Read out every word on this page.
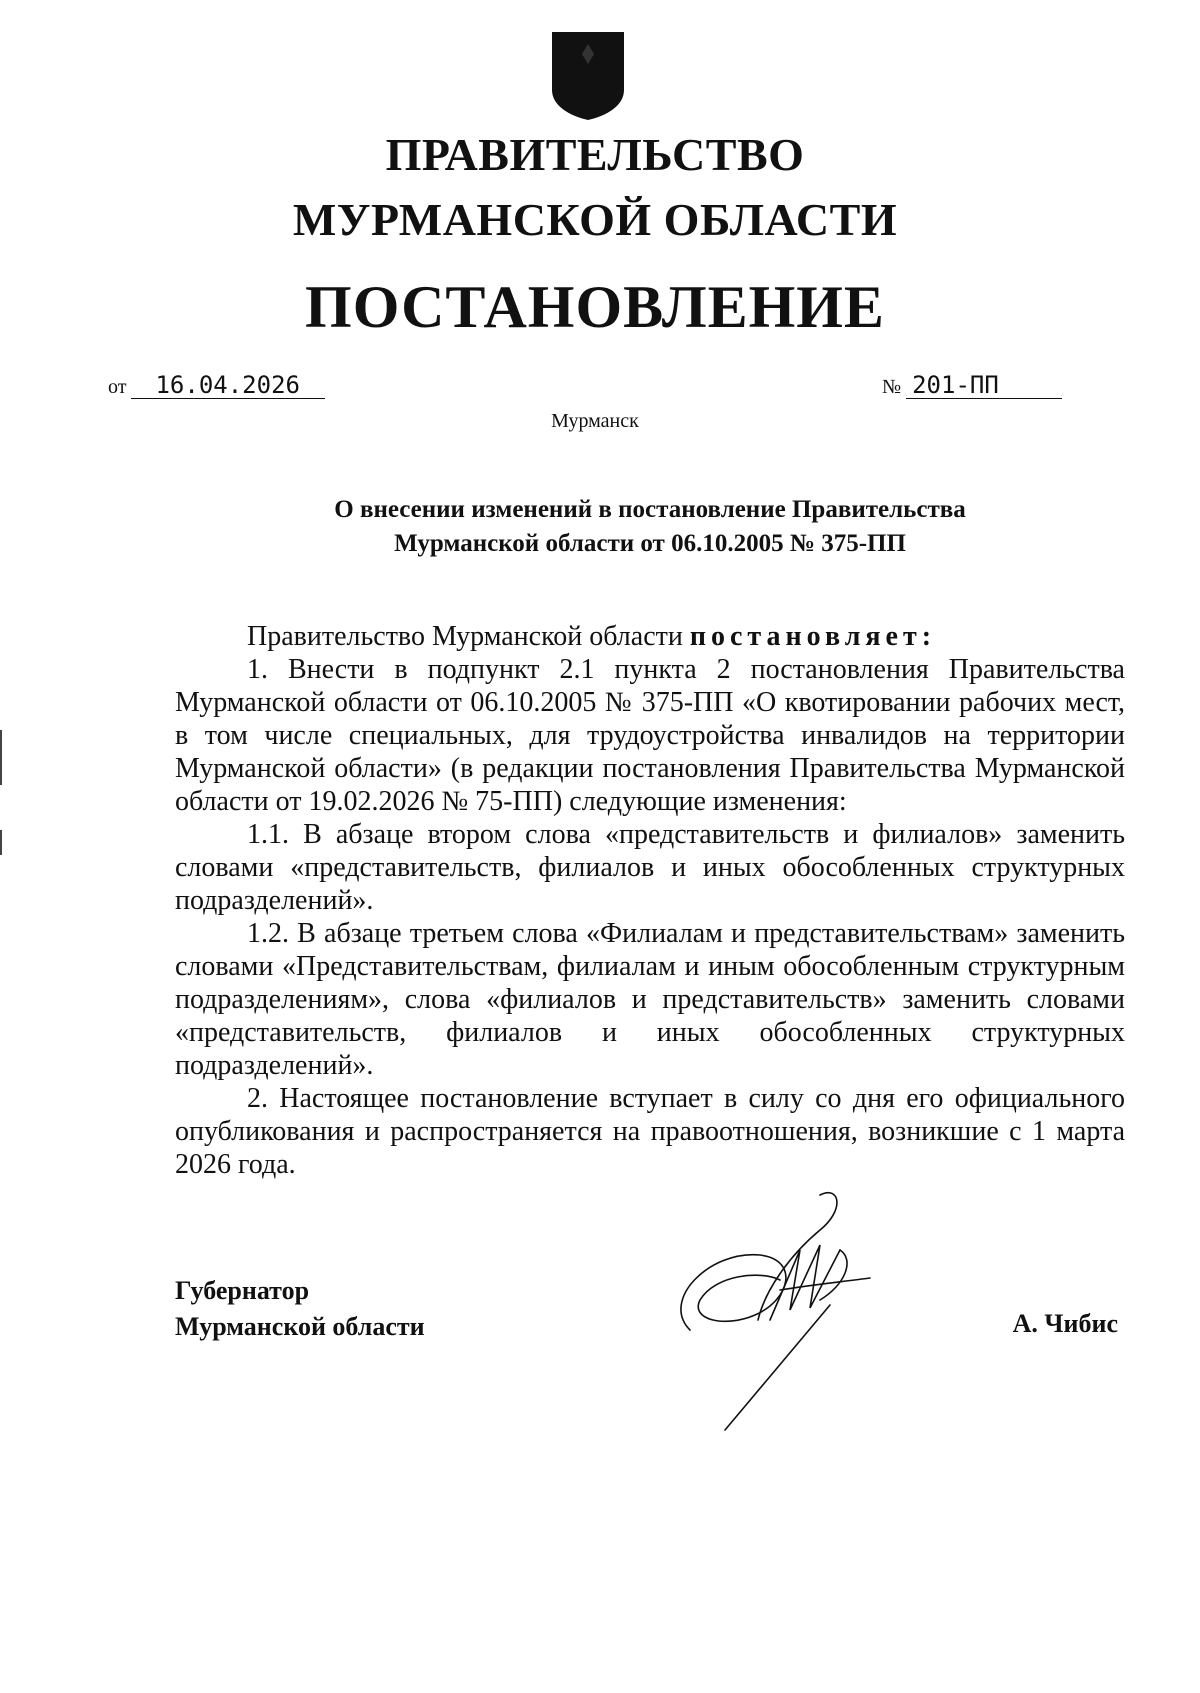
ПРАВИТЕЛЬСТВО
МУРМАНСКОЙ ОБЛАСТИ
ПОСТАНОВЛЕНИЕ
от 16.04.2026	№ 201-ПП
Мурманск
О внесении изменений в постановление Правительства
Мурманской области от 06.10.2005 № 375-ПП

Правительство Мурманской области постановляет:

1. Внести в подпункт 2.1 пункта 2 постановления Правительства Мурманской области от 06.10.2005 № 375-ПП «О квотировании рабочих мест, в том числе специальных, для трудоустройства инвалидов на территории Мурманской области» (в редакции постановления Правительства Мурманской области от 19.02.2026 № 75-ПП) следующие изменения:

1.1. В абзаце втором слова «представительств и филиалов» заменить словами «представительств, филиалов и иных обособленных структурных подразделений».

1.2. В абзаце третьем слова «Филиалам и представительствам» заменить словами «Представительствам, филиалам и иным обособленным структурным подразделениям», слова «филиалов и представительств» заменить словами «представительств, филиалов и иных обособленных структурных подразделений».

2. Настоящее постановление вступает в силу со дня его официального опубликования и распространяется на правоотношения, возникшие с 1 марта 2026 года.

Губернатор
Мурманской области	А. Чибис
